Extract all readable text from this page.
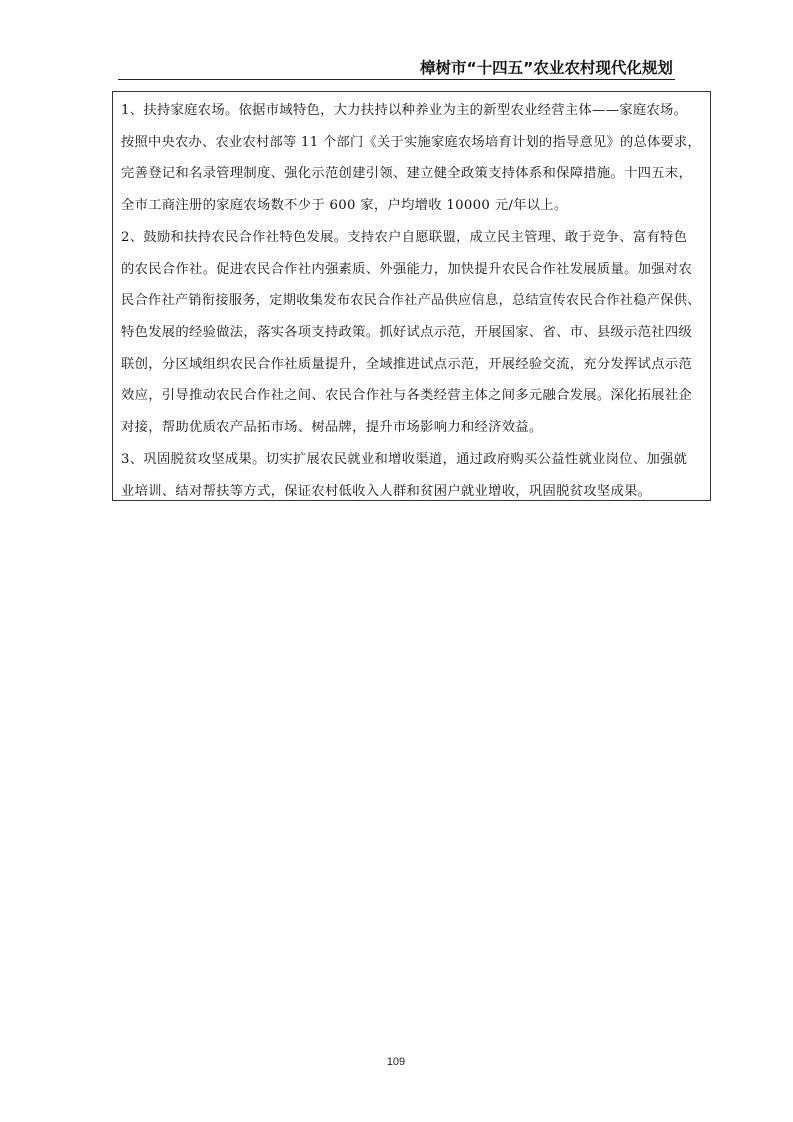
樟树市“十四五”农业农村现代化规划

1、扶持家庭农场。依据市域特色，大力扶持以种养业为主的新型农业经营主体——家庭农场。
按照中央农办、农业农村部等 11 个部门《关于实施家庭农场培育计划的指导意见》的总体要求，
完善登记和名录管理制度、强化示范创建引领、建立健全政策支持体系和保障措施。十四五末，
全市工商注册的家庭农场数不少于 600 家，户均增收 10000 元/年以上。

2、鼓励和扶持农民合作社特色发展。支持农户自愿联盟，成立民主管理、敢于竞争、富有特色
的农民合作社。促进农民合作社内强素质、外强能力，加快提升农民合作社发展质量。加强对农
民合作社产销衔接服务，定期收集发布农民合作社产品供应信息，总结宣传农民合作社稳产保供、
特色发展的经验做法，落实各项支持政策。抓好试点示范，开展国家、省、市、县级示范社四级
联创，分区域组织农民合作社质量提升，全域推进试点示范，开展经验交流，充分发挥试点示范
效应，引导推动农民合作社之间、农民合作社与各类经营主体之间多元融合发展。深化拓展社企
对接，帮助优质农产品拓市场、树品牌，提升市场影响力和经济效益。

3、巩固脱贫攻坚成果。切实扩展农民就业和增收渠道，通过政府购买公益性就业岗位、加强就
业培训、结对帮扶等方式，保证农村低收入人群和贫困户就业增收，巩固脱贫攻坚成果。

109
